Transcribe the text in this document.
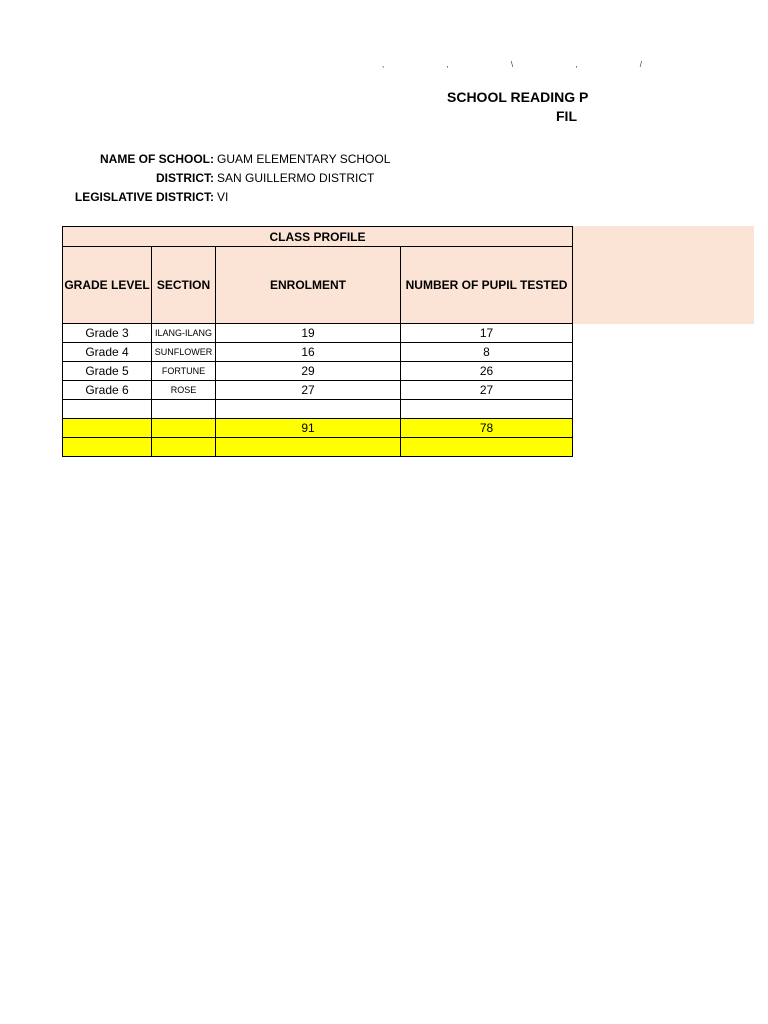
, , \ , /
SCHOOL READING P
FIL
NAME OF SCHOOL: GUAM ELEMENTARY SCHOOL
DISTRICT: SAN GUILLERMO DISTRICT
LEGISLATIVE DISTRICT: VI
CLASS PROFILE			
GRADE LEVEL	SECTION	ENROLMENT	NUMBER OF PUPIL TESTED
Grade 3	ILANG-ILANG	19	17
Grade 4	SUNFLOWER	16	8
Grade 5	FORTUNE	29	26
Grade 6	ROSE	27	27

		91	78
